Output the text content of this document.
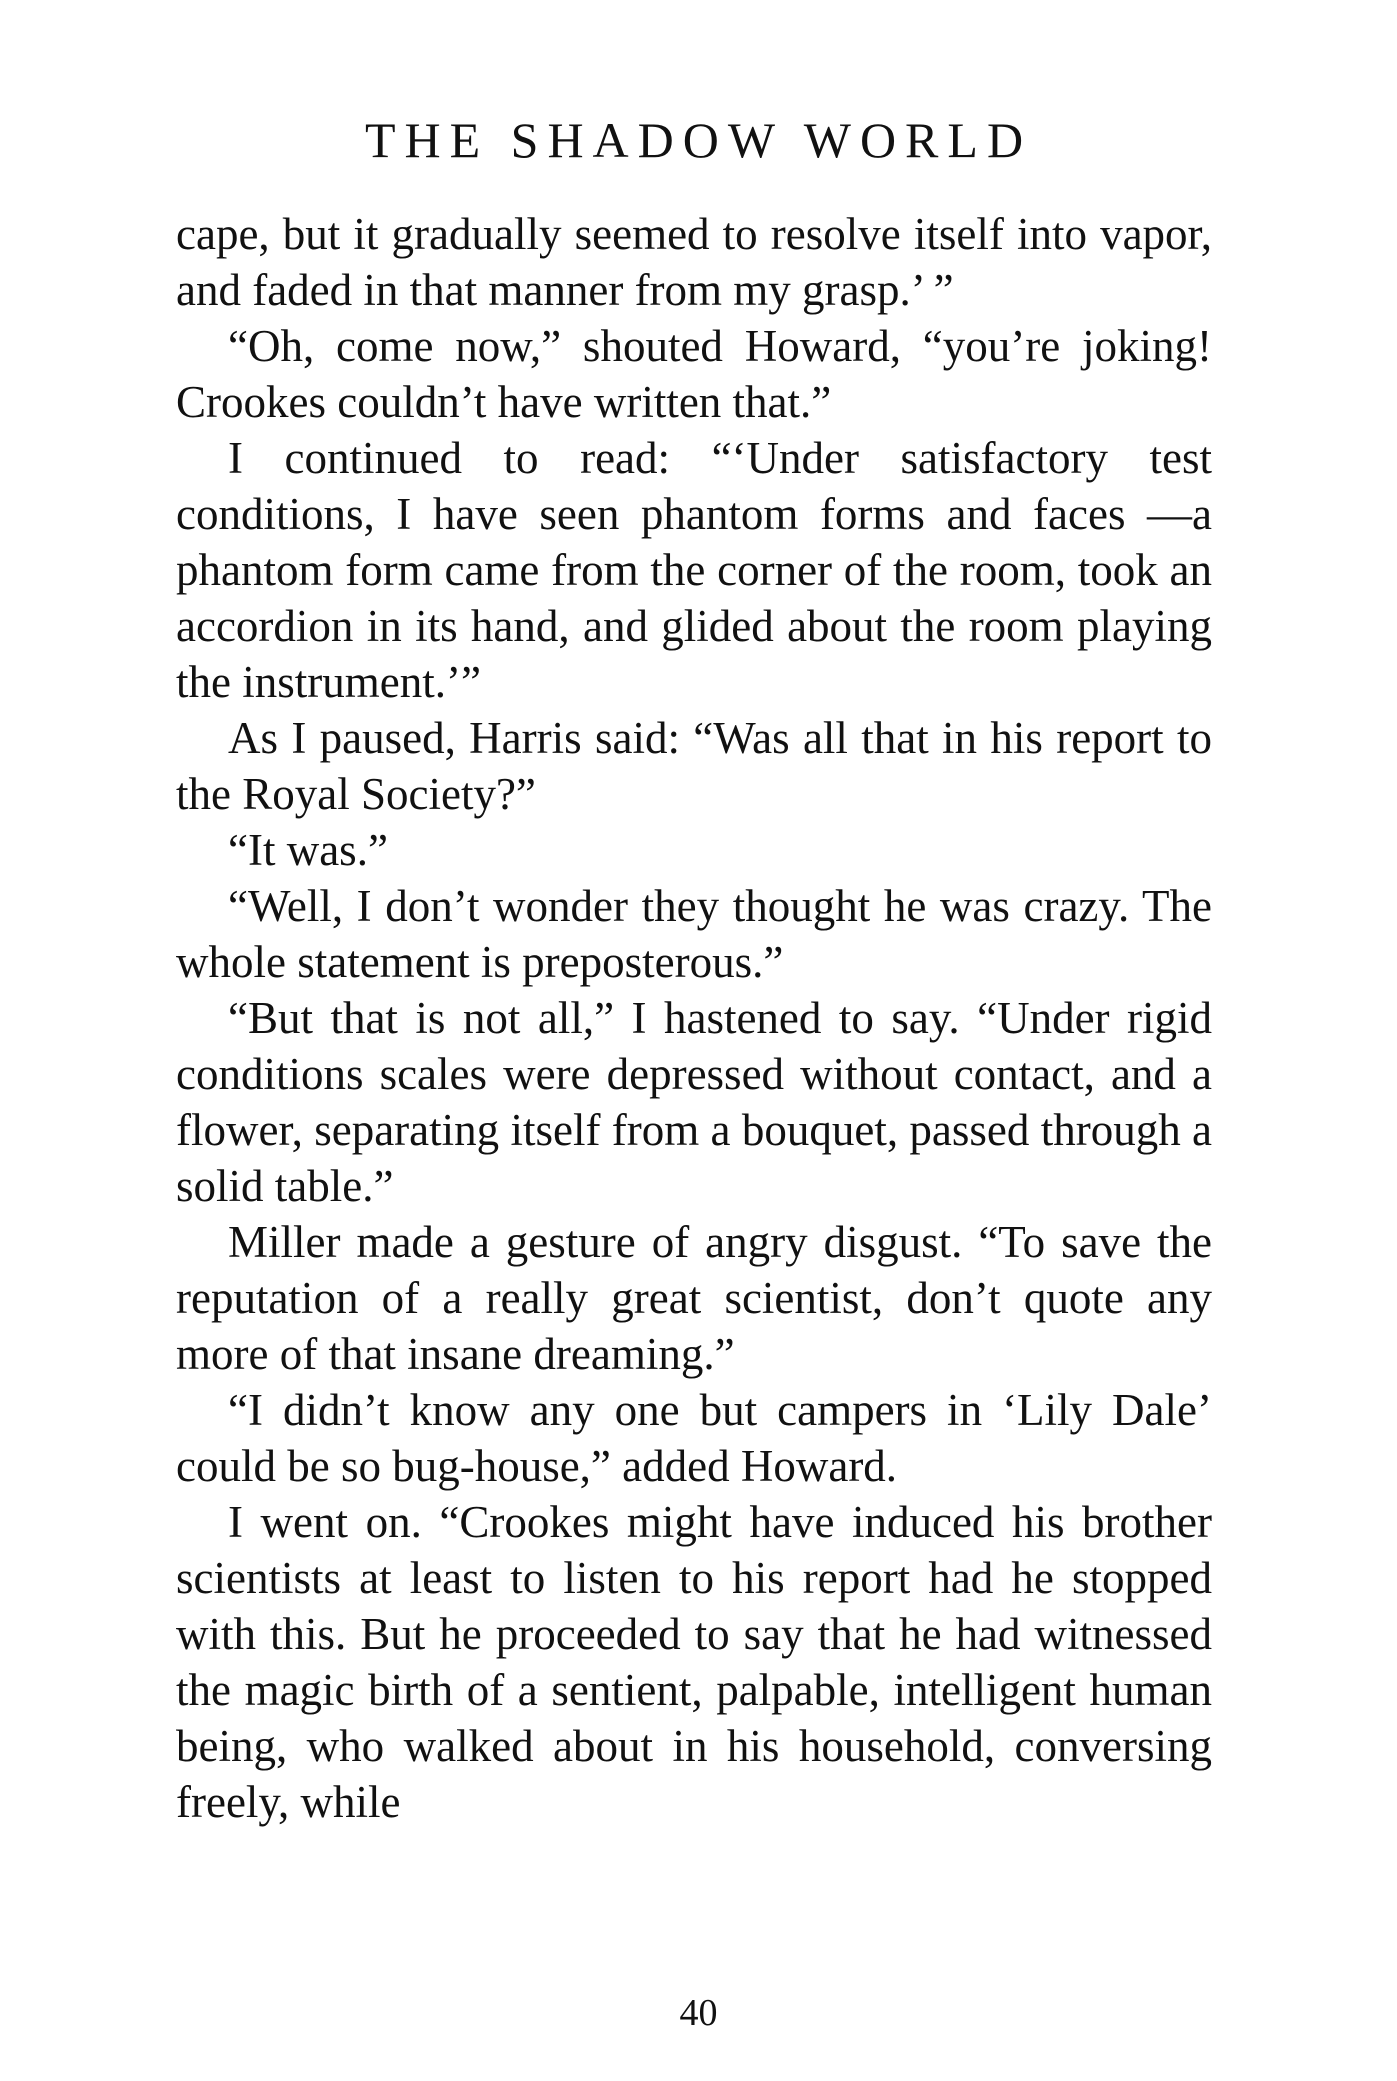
THE SHADOW WORLD

cape, but it gradually seemed to resolve itself into vapor, and faded in that manner from my grasp.’ ”

“Oh, come now,” shouted Howard, “you’re joking! Crookes couldn’t have written that.”

I continued to read: “‘Under satisfactory test conditions, I have seen phantom forms and faces —a phantom form came from the corner of the room, took an accordion in its hand, and glided about the room playing the instrument.’”

As I paused, Harris said: “Was all that in his report to the Royal Society?”

“It was.”

“Well, I don’t wonder they thought he was crazy. The whole statement is preposterous.”

“But that is not all,” I hastened to say. “Under rigid conditions scales were depressed without contact, and a flower, separating itself from a bouquet, passed through a solid table.”

Miller made a gesture of angry disgust. “To save the reputation of a really great scientist, don’t quote any more of that insane dreaming.”

“I didn’t know any one but campers in ‘Lily Dale’ could be so bug-house,” added Howard.

I went on. “Crookes might have induced his brother scientists at least to listen to his report had he stopped with this. But he proceeded to say that he had witnessed the magic birth of a sentient, palpable, intelligent human being, who walked about in his household, conversing freely, while

40
